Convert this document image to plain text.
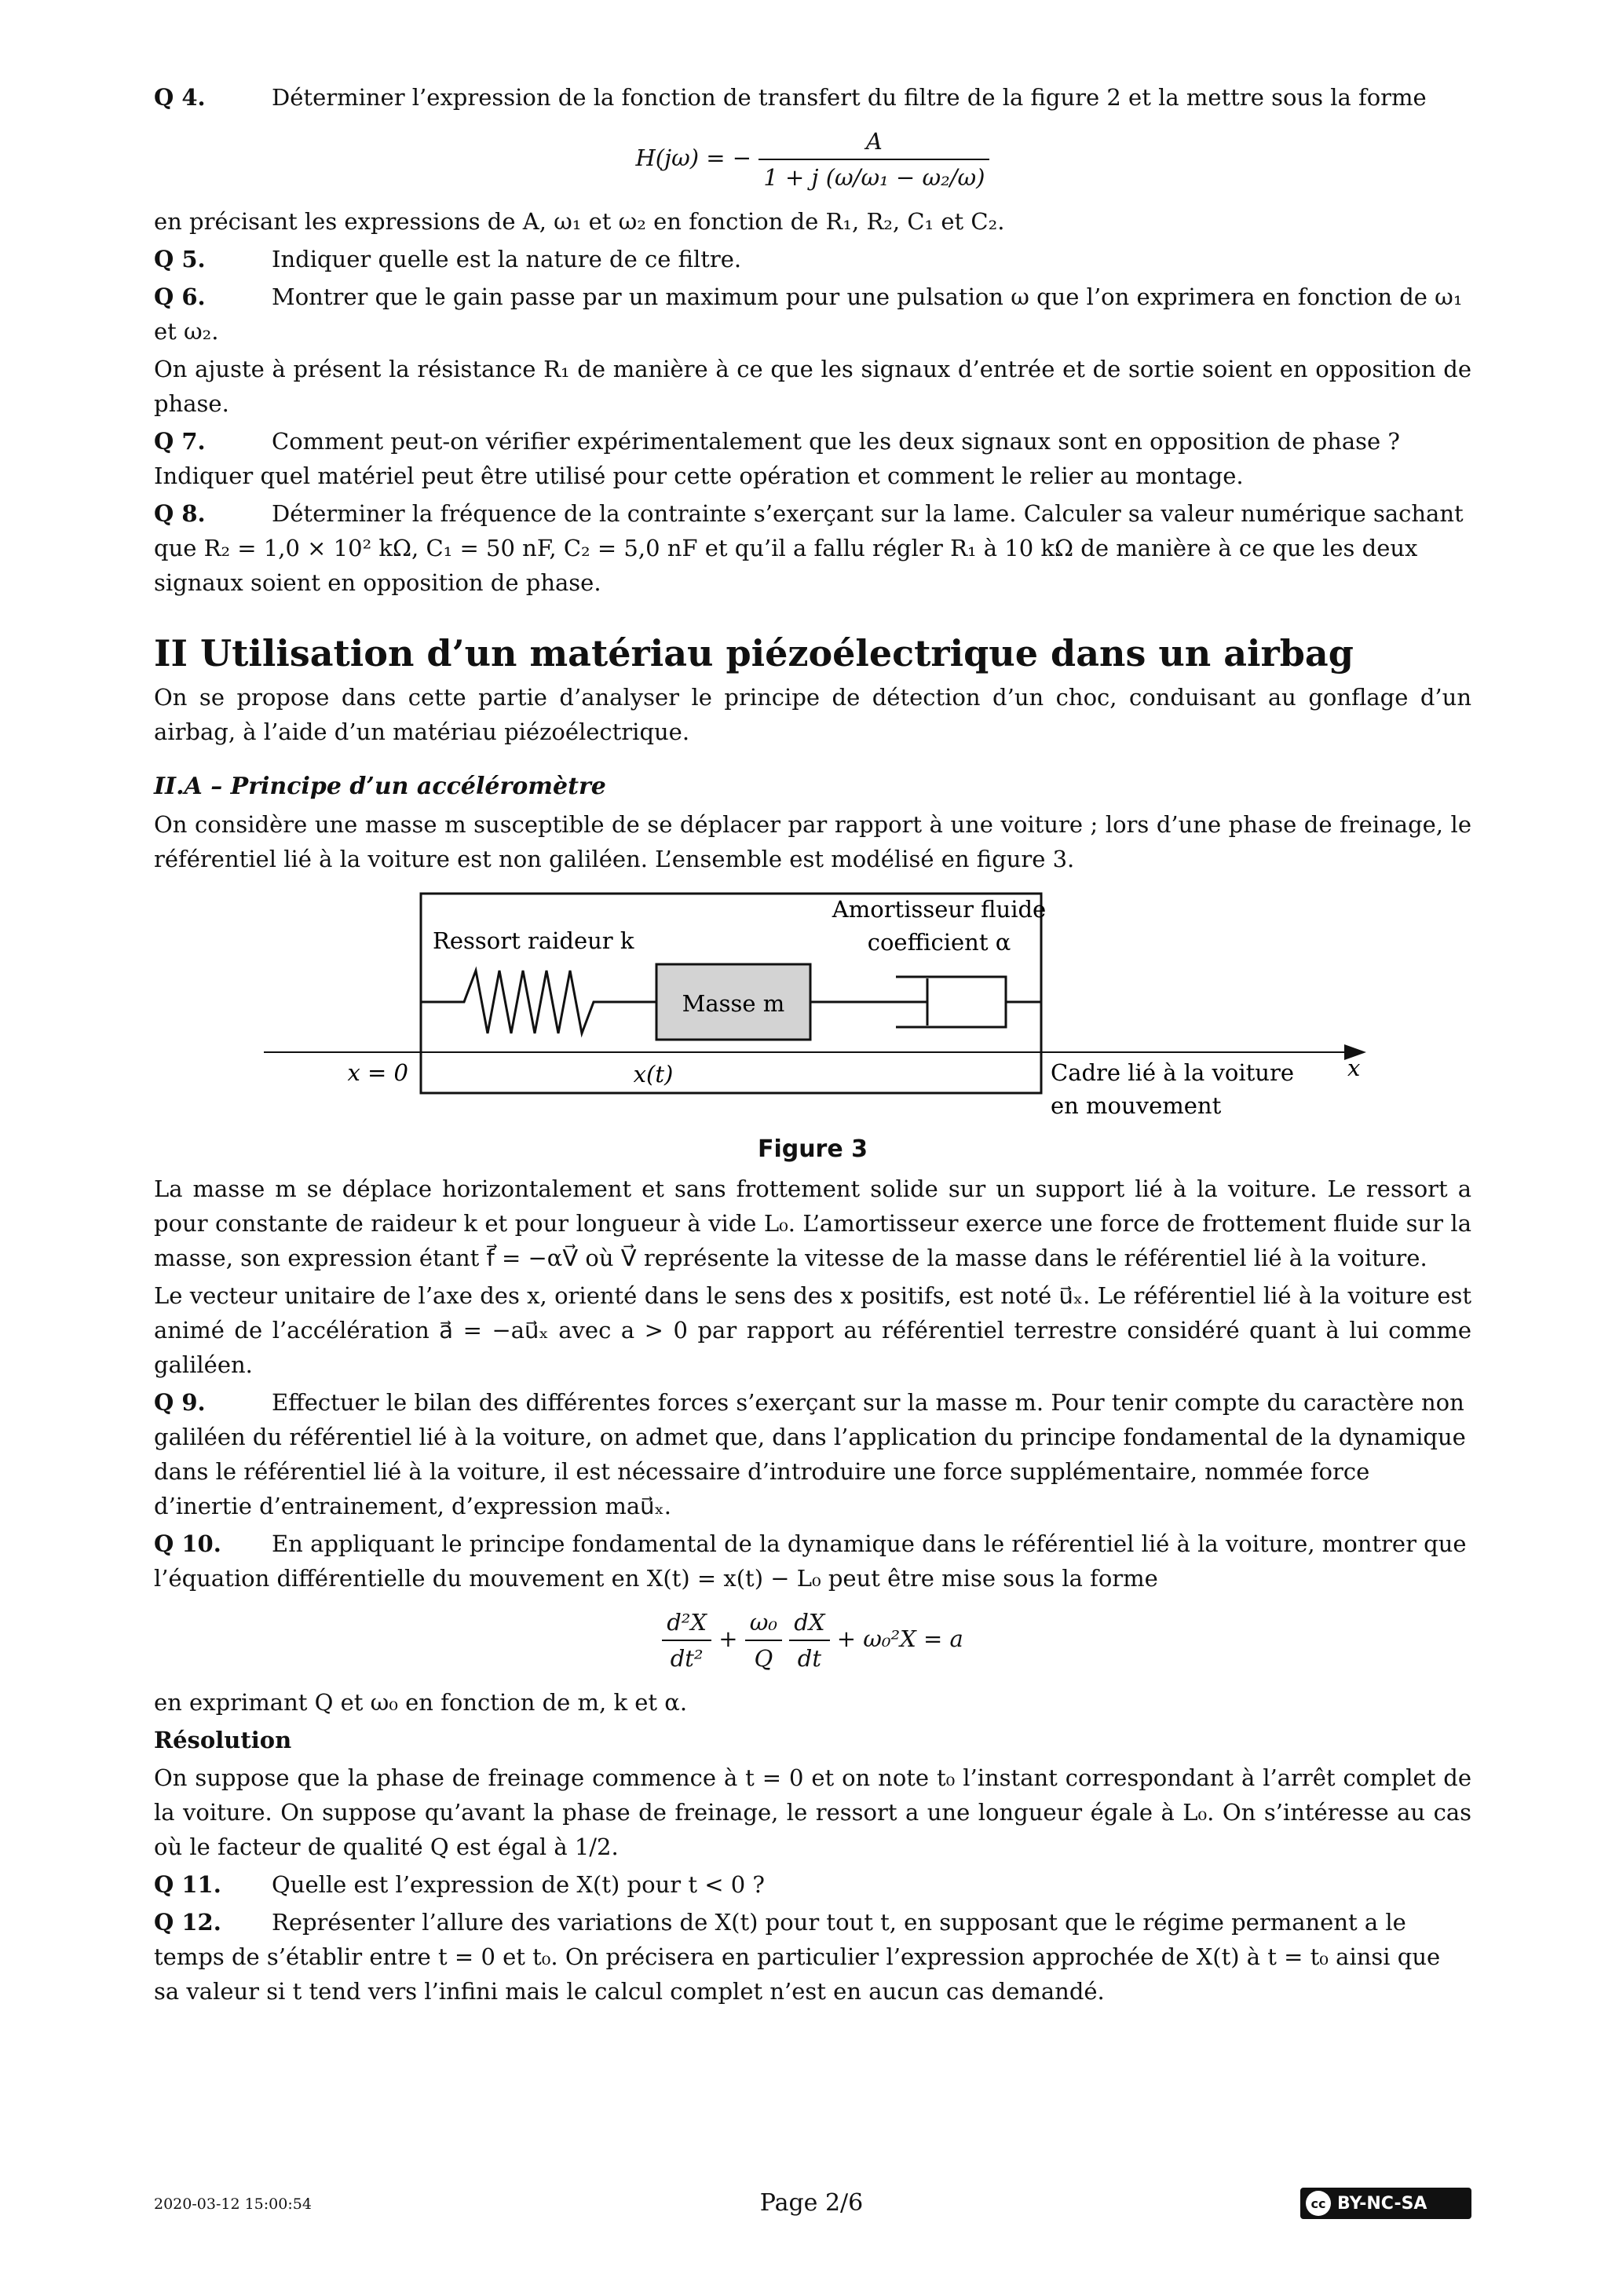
Q 4.	Déterminer l’expression de la fonction de transfert du filtre de la figure 2 et la mettre sous la forme
H(jω) = − $\frac{A}{\text{1 + j (ω/ω₁ − ω₂/ω)}}$

en précisant les expressions de A, ω₁ et ω₂ en fonction de R₁, R₂, C₁ et C₂.

Q 5.	Indiquer quelle est la nature de ce filtre.
Q 6.	Montrer que le gain passe par un maximum pour une pulsation ω que l’on exprimera en fonction de ω₁ et ω₂.

On ajuste à présent la résistance R₁ de manière à ce que les signaux d’entrée et de sortie soient en opposition de phase.

Q 7.	Comment peut-on vérifier expérimentalement que les deux signaux sont en opposition de phase ? Indiquer quel matériel peut être utilisé pour cette opération et comment le relier au montage.
Q 8.	Déterminer la fréquence de la contrainte s’exerçant sur la lame. Calculer sa valeur numérique sachant que R₂ = 1,0 × 10² kΩ, C₁ = 50 nF, C₂ = 5,0 nF et qu’il a fallu régler R₁ à 10 kΩ de manière à ce que les deux signaux soient en opposition de phase.
II Utilisation d’un matériau piézoélectrique dans un airbag

On se propose dans cette partie d’analyser le principe de détection d’un choc, conduisant au gonflage d’un airbag, à l’aide d’un matériau piézoélectrique.

II.A – Principe d’un accéléromètre

On considère une masse m susceptible de se déplacer par rapport à une voiture ; lors d’une phase de freinage, le référentiel lié à la voiture est non galiléen. L’ensemble est modélisé en figure 3.

Ressort raideur k
Amortisseur fluide
coefficient α
Masse m
x = 0	x(t)	Cadre lié à la voiture
en mouvement
x
Figure 3

La masse m se déplace horizontalement et sans frottement solide sur un support lié à la voiture. Le ressort a pour constante de raideur k et pour longueur à vide L₀. L’amortisseur exerce une force de frottement fluide sur la masse, son expression étant f⃗ = −αV⃗ où V⃗ représente la vitesse de la masse dans le référentiel lié à la voiture.

Le vecteur unitaire de l’axe des x, orienté dans le sens des x positifs, est noté u⃗ₓ. Le référentiel lié à la voiture est animé de l’accélération a⃗ = −au⃗ₓ avec a > 0 par rapport au référentiel terrestre considéré quant à lui comme galiléen.

Q 9.	Effectuer le bilan des différentes forces s’exerçant sur la masse m. Pour tenir compte du caractère non galiléen du référentiel lié à la voiture, on admet que, dans l’application du principe fondamental de la dynamique dans le référentiel lié à la voiture, il est nécessaire d’introduire une force supplémentaire, nommée force d’inertie d’entrainement, d’expression mau⃗ₓ.
Q 10. En appliquant le principe fondamental de la dynamique dans le référentiel lié à la voiture, montrer que l’équation différentielle du mouvement en X(t) = x(t) − L₀ peut être mise sous la forme
$\frac{\text{d²X}}{\text{dt²}} + \frac{\text{ω₀}}{Q}$
$\frac{dX}{dt} + \omega_0^2X = a$

en exprimant Q et ω₀ en fonction de m, k et α.

Résolution

On suppose que la phase de freinage commence à t = 0 et on note t₀ l’instant correspondant à l’arrêt complet de la voiture. On suppose qu’avant la phase de freinage, le ressort a une longueur égale à L₀. On s’intéresse au cas où le facteur de qualité Q est égal à 1/2.

Q 11. Quelle est l’expression de X(t) pour t < 0 ?
Q 12. Représenter l’allure des variations de X(t) pour tout t, en supposant que le régime permanent a le temps de s’établir entre t = 0 et t₀. On précisera en particulier l’expression approchée de X(t) à t = t₀ ainsi que sa valeur si t tend vers l’infini mais le calcul complet n’est en aucun cas demandé.
2020-03-12 15:00:54	Page 2/6	cc BY-NC-SA
